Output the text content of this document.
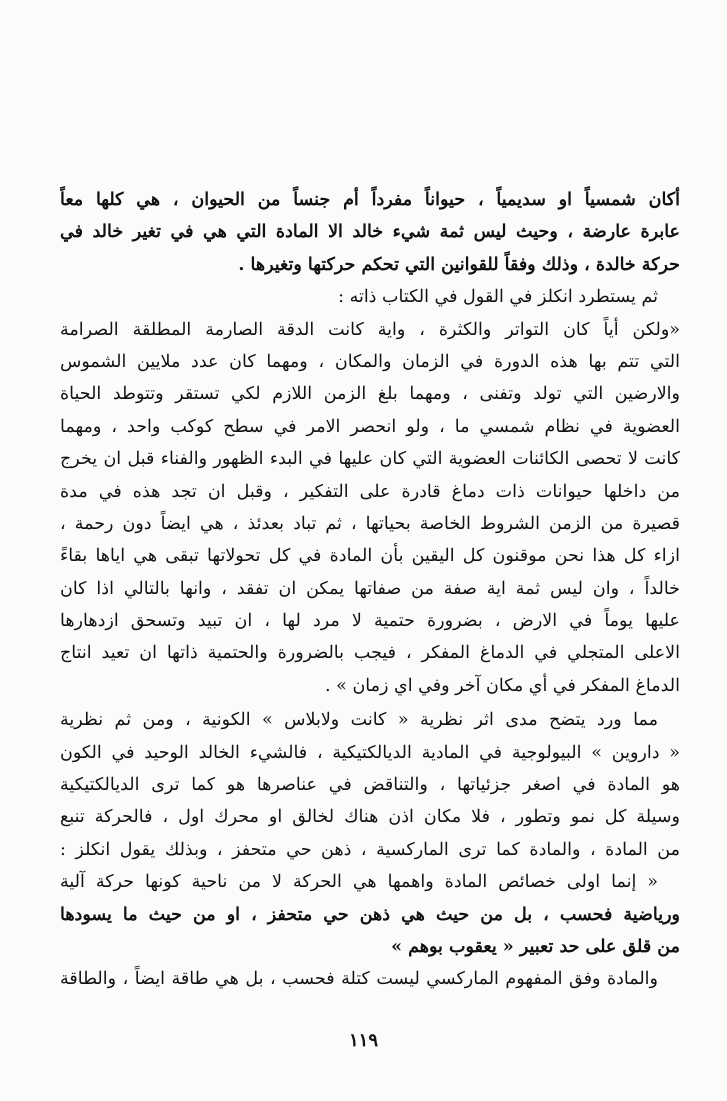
أكان شمسياً او سديمياً ، حيواناً مفرداً أم جنساً من الحيوان ، هي كلها معاً
عابرة عارضة ، وحيث ليس ثمة شيء خالد الا المادة التي هي في تغير خالد في
حركة خالدة ، وذلك وفقاً للقوانين التي تحكم حركتها وتغيرها .
ثم يستطرد انكلز في القول في الكتاب ذاته :
«ولكن أياً كان التواتر والكثرة ، واية كانت الدقة الصارمة المطلقة الصرامة
التي تتم بها هذه الدورة في الزمان والمكان ، ومهما كان عدد ملايين الشموس
والارضين التي تولد وتفنى ، ومهما بلغ الزمن اللازم لكي تستقر وتتوطد الحياة
العضوية في نظام شمسي ما ، ولو انحصر الامر في سطح كوكب واحد ، ومهما
كانت لا تحصى الكائنات العضوية التي كان عليها في البدء الظهور والفناء قبل ان يخرج
من داخلها حيوانات ذات دماغ قادرة على التفكير ، وقبل ان تجد هذه في مدة
قصيرة من الزمن الشروط الخاصة بحياتها ، ثم تباد بعدئذ ، هي ايضاً دون رحمة ،
ازاء كل هذا نحن موقنون كل اليقين بأن المادة في كل تحولاتها تبقى هي اياها بقاءً
خالداً ، وان ليس ثمة اية صفة من صفاتها يمكن ان تفقد ، وانها بالتالي اذا كان
عليها يوماً في الارض ، بضرورة حتمية لا مرد لها ، ان تبيد وتسحق ازدهارها
الاعلى المتجلي في الدماغ المفكر ، فيجب بالضرورة والحتمية ذاتها ان تعيد انتاج
الدماغ المفكر في أي مكان آخر وفي اي زمان » .
مما ورد يتضح مدى اثر نظرية « كانت ولابلاس » الكونية ، ومن ثم نظرية
« داروين » البيولوجية في المادية الديالكتيكية ، فالشيء الخالد الوحيد في الكون
هو المادة في اصغر جزئياتها ، والتناقض في عناصرها هو كما ترى الديالكتيكية
وسيلة كل نمو وتطور ، فلا مكان اذن هناك لخالق او محرك اول ، فالحركة تنبع
من المادة ، والمادة كما ترى الماركسية ، ذهن حي متحفز ، وبذلك يقول انكلز :
« إنما اولى خصائص المادة واهمها هي الحركة لا من ناحية كونها حركة آلية
ورياضية فحسب ، بل من حيث هي ذهن حي متحفز ، او من حيث ما يسودها
من قلق على حد تعبير « يعقوب بوهم »
والمادة وفق المفهوم الماركسي ليست كتلة فحسب ، بل هي طاقة ايضاً ، والطاقة
١١٩
